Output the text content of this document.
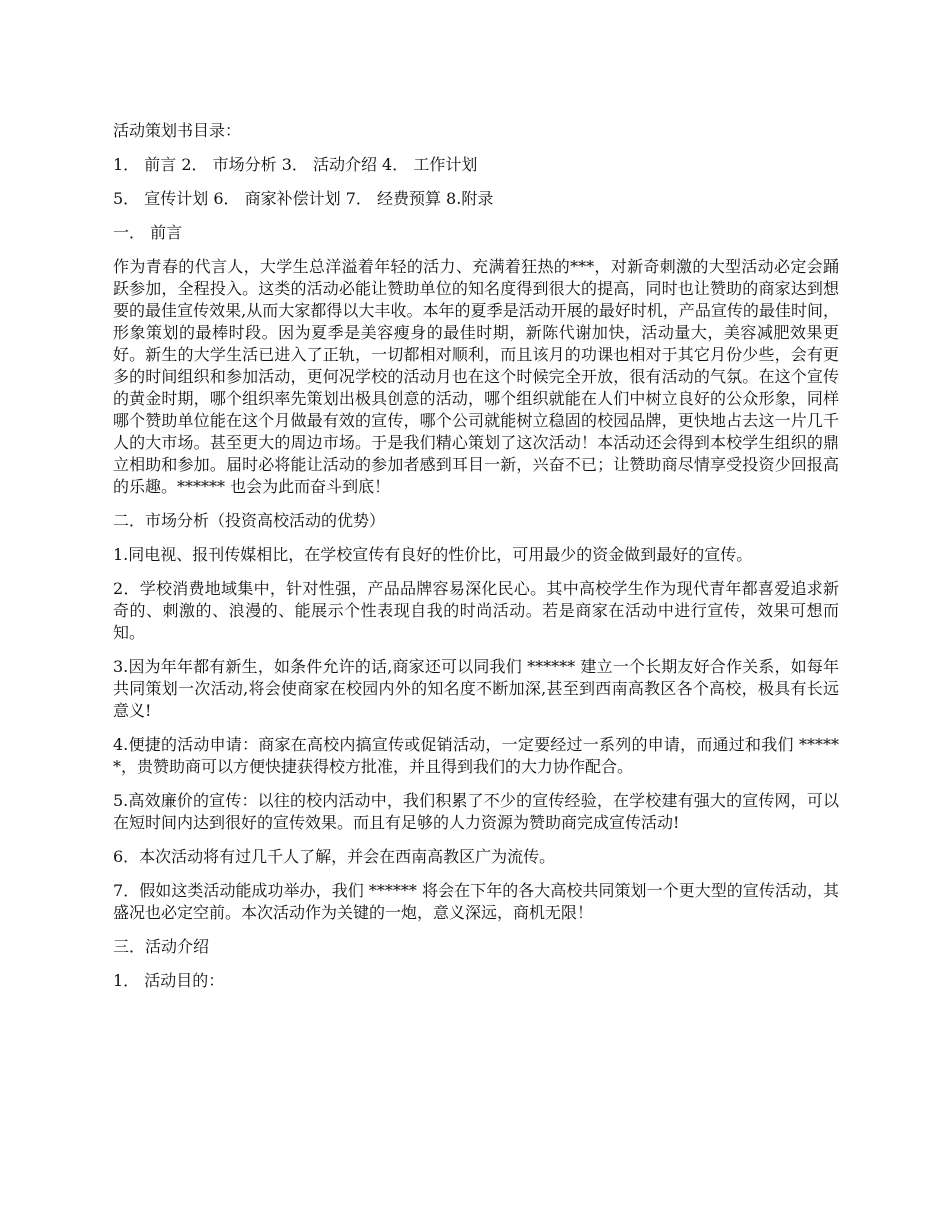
活动策划书目录：

1． 前言 2． 市场分析 3． 活动介绍 4． 工作计划

5． 宣传计划 6． 商家补偿计划 7． 经费预算 8.附录

一． 前言

作为青春的代言人，大学生总洋溢着年轻的活力、充满着狂热的***，对新奇刺激的大型活动必定会踊跃参加，全程投入。这类的活动必能让赞助单位的知名度得到很大的提高，同时也让赞助的商家达到想要的最佳宣传效果,从而大家都得以大丰收。本年的夏季是活动开展的最好时机，产品宣传的最佳时间，形象策划的最棒时段。因为夏季是美容瘦身的最佳时期，新陈代谢加快，活动量大，美容减肥效果更好。新生的大学生活已进入了正轨，一切都相对顺利，而且该月的功课也相对于其它月份少些，会有更多的时间组织和参加活动，更何况学校的活动月也在这个时候完全开放，很有活动的气氛。在这个宣传的黄金时期，哪个组织率先策划出极具创意的活动，哪个组织就能在人们中树立良好的公众形象，同样哪个赞助单位能在这个月做最有效的宣传，哪个公司就能树立稳固的校园品牌，更快地占去这一片几千人的大市场。甚至更大的周边市场。于是我们精心策划了这次活动！本活动还会得到本校学生组织的鼎立相助和参加。届时必将能让活动的参加者感到耳目一新，兴奋不已；让赞助商尽情享受投资少回报高的乐趣。****** 也会为此而奋斗到底！

二．市场分析（投资高校活动的优势）

1.同电视、报刊传媒相比，在学校宣传有良好的性价比，可用最少的资金做到最好的宣传。

2．学校消费地域集中，针对性强，产品品牌容易深化民心。其中高校学生作为现代青年都喜爱追求新奇的、刺激的、浪漫的、能展示个性表现自我的时尚活动。若是商家在活动中进行宣传，效果可想而知。

3.因为年年都有新生，如条件允许的话,商家还可以同我们 ****** 建立一个长期友好合作关系，如每年共同策划一次活动,将会使商家在校园内外的知名度不断加深,甚至到西南高教区各个高校，极具有长远意义!

4.便捷的活动申请：商家在高校内搞宣传或促销活动，一定要经过一系列的申请，而通过和我们 ******，贵赞助商可以方便快捷获得校方批准，并且得到我们的大力协作配合。

5.高效廉价的宣传：以往的校内活动中，我们积累了不少的宣传经验，在学校建有强大的宣传网，可以在短时间内达到很好的宣传效果。而且有足够的人力资源为赞助商完成宣传活动!

6．本次活动将有过几千人了解，并会在西南高教区广为流传。

7．假如这类活动能成功举办，我们 ****** 将会在下年的各大高校共同策划一个更大型的宣传活动，其盛况也必定空前。本次活动作为关键的一炮，意义深远，商机无限！

三．活动介绍

1． 活动目的：
